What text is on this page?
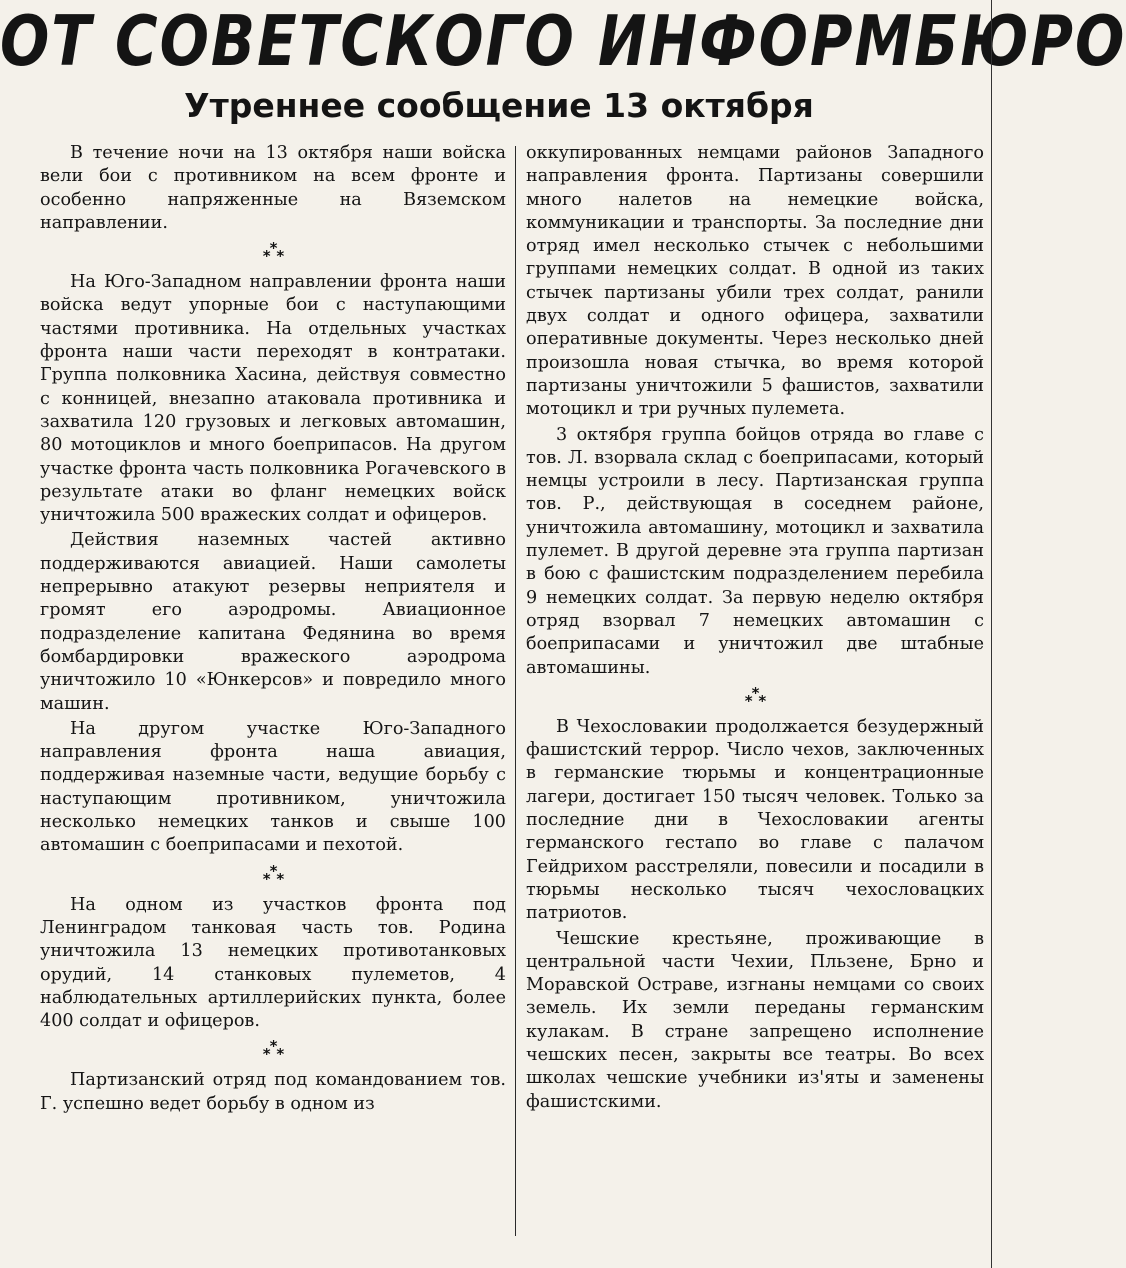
ОТ СОВЕТСКОГО ИНФОРМБЮРО
Утреннее сообщение 13 октября

В течение ночи на 13 октября наши войска вели бои с противником на всем фронте и особенно напряженные на Вяземском направлении.

***

На Юго-Западном направлении фронта наши войска ведут упорные бои с наступающими частями противника. На отдельных участках фронта наши части переходят в контратаки. Группа полковника Хасина, действуя совместно с конницей, внезапно атаковала противника и захватила 120 грузовых и легковых автомашин, 80 мотоциклов и много боеприпасов. На другом участке фронта часть полковника Рогачевского в результате атаки во фланг немецких войск уничтожила 500 вражеских солдат и офицеров.

Действия наземных частей активно поддерживаются авиацией. Наши самолеты непрерывно атакуют резервы неприятеля и громят его аэродромы. Авиационное подразделение капитана Федянина во время бомбардировки вражеского аэродрома уничтожило 10 «Юнкерсов» и повредило много машин.

На другом участке Юго-Западного направления фронта наша авиация, поддерживая наземные части, ведущие борьбу с наступающим противником, уничтожила несколько немецких танков и свыше 100 автомашин с боеприпасами и пехотой.

***

На одном из участков фронта под Ленинградом танковая часть тов. Родина уничтожила 13 немецких противотанковых орудий, 14 станковых пулеметов, 4 наблюдательных артиллерийских пункта, более 400 солдат и офицеров.

***

Партизанский отряд под командованием тов. Г. успешно ведет борьбу в одном из

оккупированных немцами районов Западного направления фронта. Партизаны совершили много налетов на немецкие войска, коммуникации и транспорты. За последние дни отряд имел несколько стычек с небольшими группами немецких солдат. В одной из таких стычек партизаны убили трех солдат, ранили двух солдат и одного офицера, захватили оперативные документы. Через несколько дней произошла новая стычка, во время которой партизаны уничтожили 5 фашистов, захватили мотоцикл и три ручных пулемета.

3 октября группа бойцов отряда во главе с тов. Л. взорвала склад с боеприпасами, который немцы устроили в лесу. Партизанская группа тов. Р., действующая в соседнем районе, уничтожила автомашину, мотоцикл и захватила пулемет. В другой деревне эта группа партизан в бою с фашистским подразделением перебила 9 немецких солдат. За первую неделю октября отряд взорвал 7 немецких автомашин с боеприпасами и уничтожил две штабные автомашины.

***

В Чехословакии продолжается безудержный фашистский террор. Число чехов, заключенных в германские тюрьмы и концентрационные лагери, достигает 150 тысяч человек. Только за последние дни в Чехословакии агенты германского гестапо во главе с палачом Гейдрихом расстреляли, повесили и посадили в тюрьмы несколько тысяч чехословацких патриотов.

Чешские крестьяне, проживающие в центральной части Чехии, Пльзене, Брно и Моравской Остраве, изгнаны немцами со своих земель. Их земли переданы германским кулакам. В стране запрещено исполнение чешских песен, закрыты все театры. Во всех школах чешские учебники из'яты и заменены фашистскими.
